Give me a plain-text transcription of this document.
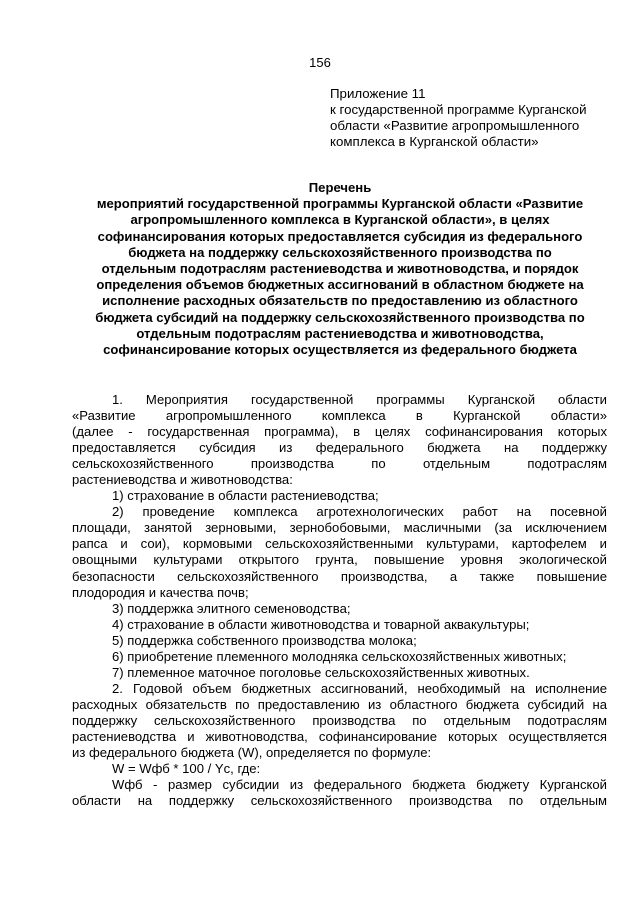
156
Приложение 11
к государственной программе Курганской
области «Развитие агропромышленного
комплекса в Курганской области»
Перечень
мероприятий государственной программы Курганской области «Развитие
агропромышленного комплекса в Курганской области», в целях
софинансирования которых предоставляется субсидия из федерального
бюджета на поддержку сельскохозяйственного производства по
отдельным подотраслям растениеводства и животноводства, и порядок
определения объемов бюджетных ассигнований в областном бюджете на
исполнение расходных обязательств по предоставлению из областного
бюджета субсидий на поддержку сельскохозяйственного производства по
отдельным подотраслям растениеводства и животноводства,
софинансирование которых осуществляется из федерального бюджета
1. Мероприятия государственной программы Курганской области
«Развитие агропромышленного комплекса в Курганской области»
(далее - государственная программа), в целях софинансирования которых
предоставляется субсидия из федерального бюджета на поддержку
сельскохозяйственного производства по отдельным подотраслям
растениеводства и животноводства:
1) страхование в области растениеводства;
2) проведение комплекса агротехнологических работ на посевной
площади, занятой зерновыми, зернобобовыми, масличными (за исключением
рапса и сои), кормовыми сельскохозяйственными культурами, картофелем и
овощными культурами открытого грунта, повышение уровня экологической
безопасности сельскохозяйственного производства, а также повышение
плодородия и качества почв;
3) поддержка элитного семеноводства;
4) страхование в области животноводства и товарной аквакультуры;
5) поддержка собственного производства молока;
6) приобретение племенного молодняка сельскохозяйственных животных;
7) племенное маточное поголовье сельскохозяйственных животных.
2. Годовой объем бюджетных ассигнований, необходимый на исполнение
расходных обязательств по предоставлению из областного бюджета субсидий на
поддержку сельскохозяйственного производства по отдельным подотраслям
растениеводства и животноводства, софинансирование которых осуществляется
из федерального бюджета (W), определяется по формуле:
W = Wфб * 100 / Yс, где:
Wфб - размер субсидии из федерального бюджета бюджету Курганской
области на поддержку сельскохозяйственного производства по отдельным
